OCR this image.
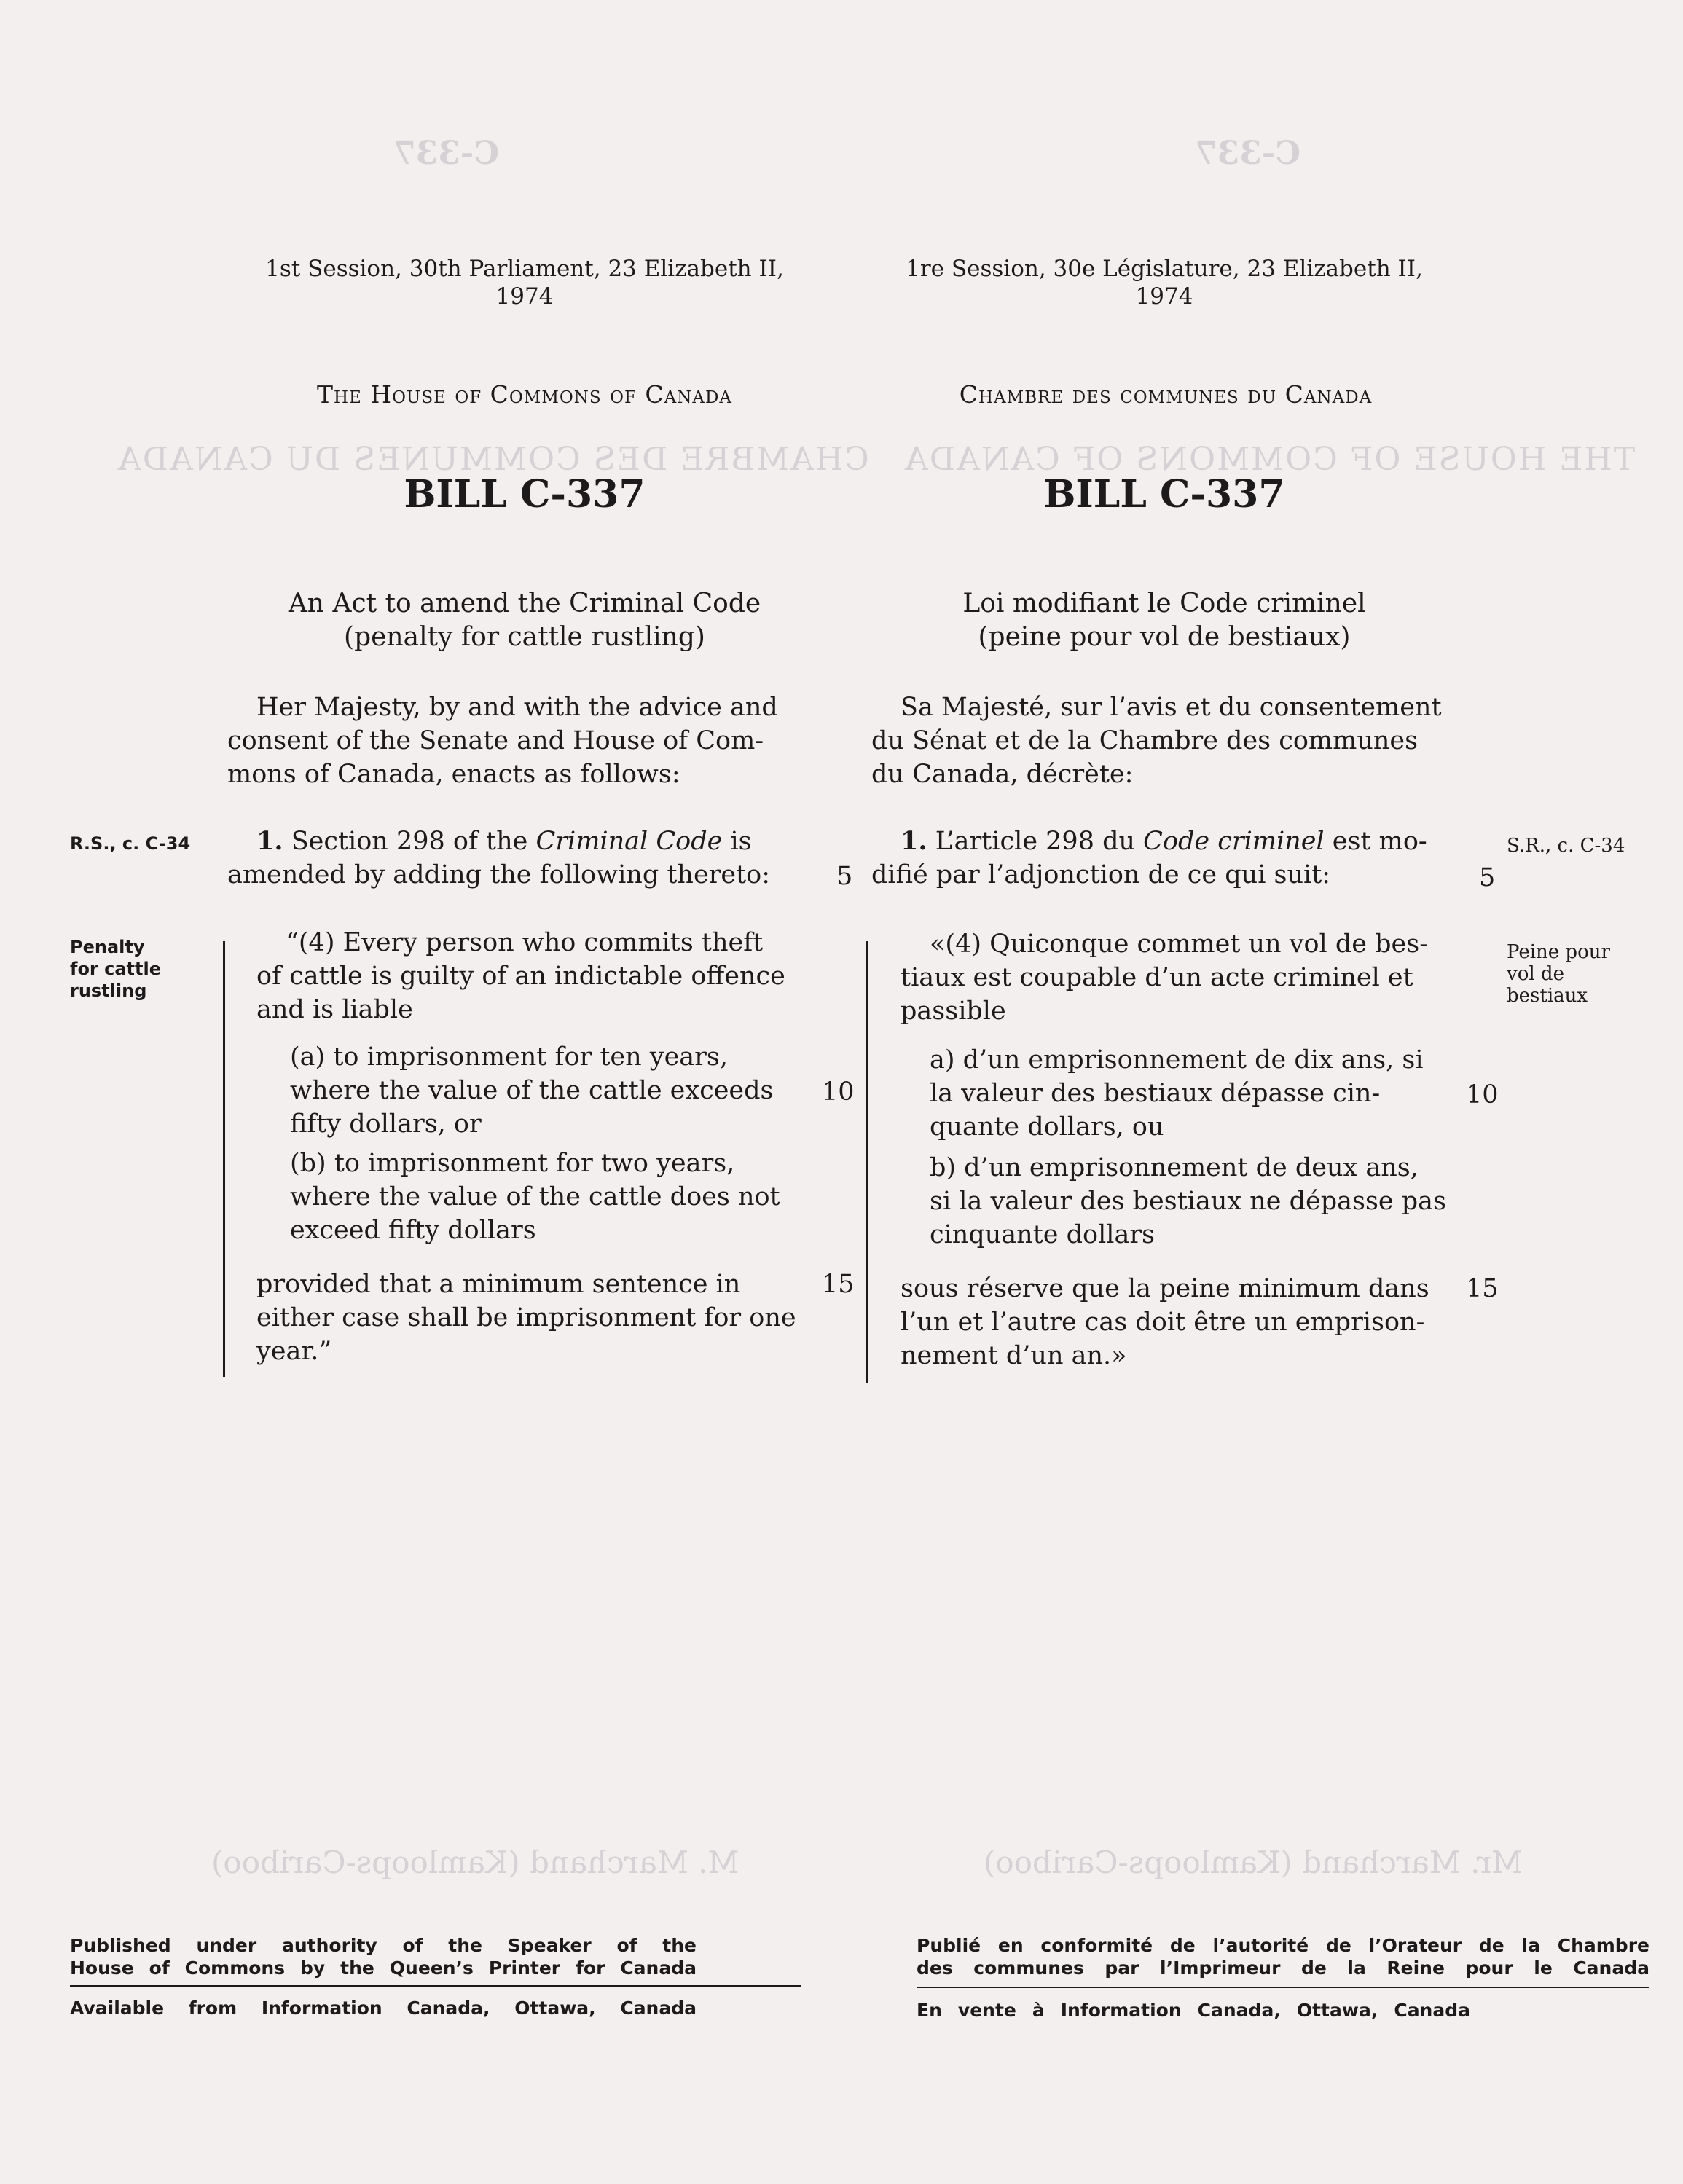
C-337	C-337
CHAMBRE DES COMMUNES DU CANADA THE HOUSE OF COMMONS OF CANADA
M. Marchand (Kamloops-Cariboo)	Mr. Marchand (Kamloops-Cariboo)
1st Session, 30th Parliament, 23 Elizabeth II,
1974
The House of Commons of Canada
BILL C-337
An Act to amend the Criminal Code
(penalty for cattle rustling)
Her Majesty, by and with the advice and
consent of the Senate and House of Com-
mons of Canada, enacts as follows:
R.S., c. C-34	1. Section 298 of the Criminal Code is
amended by adding the following thereto:	5
Penalty
for cattle
rustling
“(4) Every person who commits theft
of cattle is guilty of an indictable offence
and is liable
(a) to imprisonment for ten years,
where the value of the cattle exceeds
fifty dollars, or
10
(b) to imprisonment for two years,
where the value of the cattle does not
exceed fifty dollars
provided that a minimum sentence in
either case shall be imprisonment for one
year.”
15
Published under authority of the Speaker of the
House of Commons by the Queen’s Printer for Canada
Available from Information Canada, Ottawa, Canada
1re Session, 30e Législature, 23 Elizabeth II,
1974
Chambre des communes du Canada
BILL C-337
Loi modifiant le Code criminel
(peine pour vol de bestiaux)
Sa Majesté, sur l’avis et du consentement
du Sénat et de la Chambre des communes
du Canada, décrète:
1. L’article 298 du Code criminel est mo-
difié par l’adjonction de ce qui suit:	5
S.R., c. C-34
Peine pour
vol de
bestiaux
«(4) Quiconque commet un vol de bes-
tiaux est coupable d’un acte criminel et
passible
a) d’un emprisonnement de dix ans, si
la valeur des bestiaux dépasse cin-
quante dollars, ou
10
b) d’un emprisonnement de deux ans,
si la valeur des bestiaux ne dépasse pas
cinquante dollars
sous réserve que la peine minimum dans
l’un et l’autre cas doit être un emprison-
nement d’un an.»
15
Publié en conformité de l’autorité de l’Orateur de la Chambre
des communes par l’Imprimeur de la Reine pour le Canada
En vente à Information Canada, Ottawa, Canada
